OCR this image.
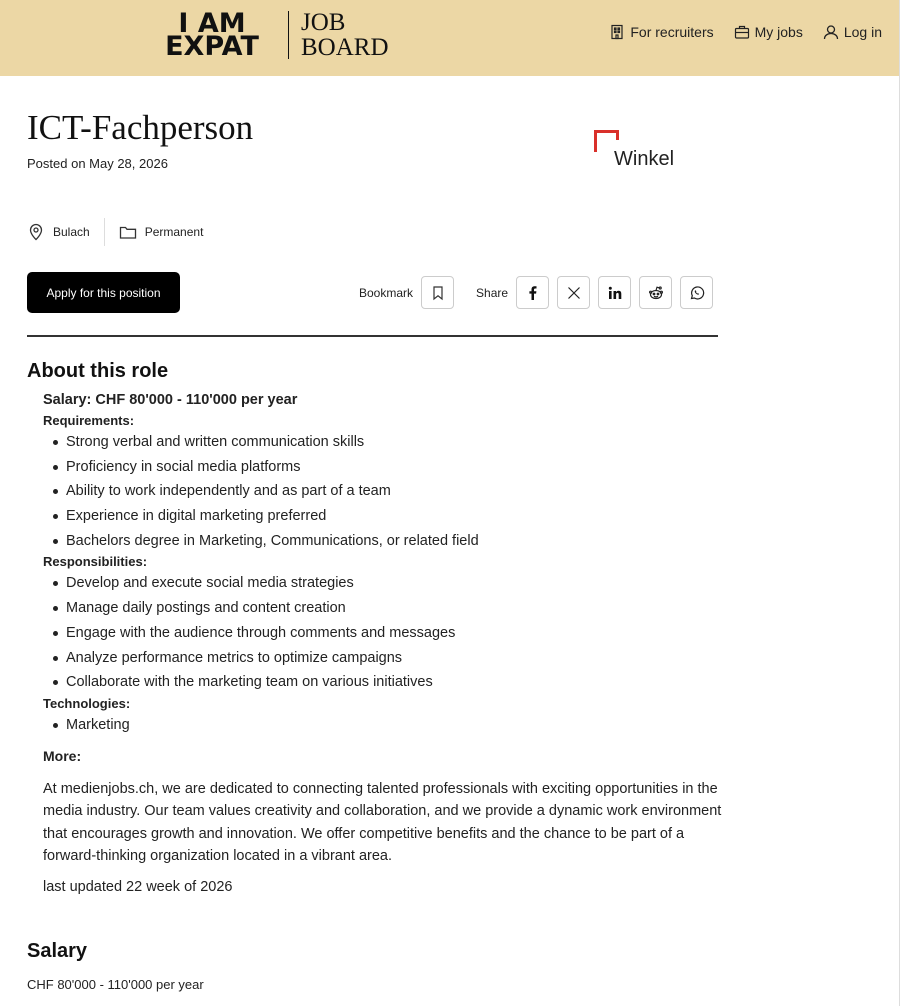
I AM
EXPAT
JOB
BOARD
For recruiters	My jobs	Log in
ICT-Fachperson
Posted on May 28, 2026	Winkel
Bulach	Permanent
Apply for this position	Bookmark	Share
About this role
Salary: CHF 80'000 - 110'000 per year
Requirements:
Strong verbal and written communication skills
Proficiency in social media platforms
Ability to work independently and as part of a team
Experience in digital marketing preferred
Bachelors degree in Marketing, Communications, or related field
Responsibilities:
Develop and execute social media strategies
Manage daily postings and content creation
Engage with the audience through comments and messages
Analyze performance metrics to optimize campaigns
Collaborate with the marketing team on various initiatives
Technologies:
Marketing
More:

At medienjobs.ch, we are dedicated to connecting talented professionals with exciting opportunities in the media industry. Our team values creativity and collaboration, and we provide a dynamic work environment that encourages growth and innovation. We offer competitive benefits and the chance to be part of a forward-thinking organization located in a vibrant area.

last updated 22 week of 2026
Salary
CHF 80'000 - 110'000 per year
